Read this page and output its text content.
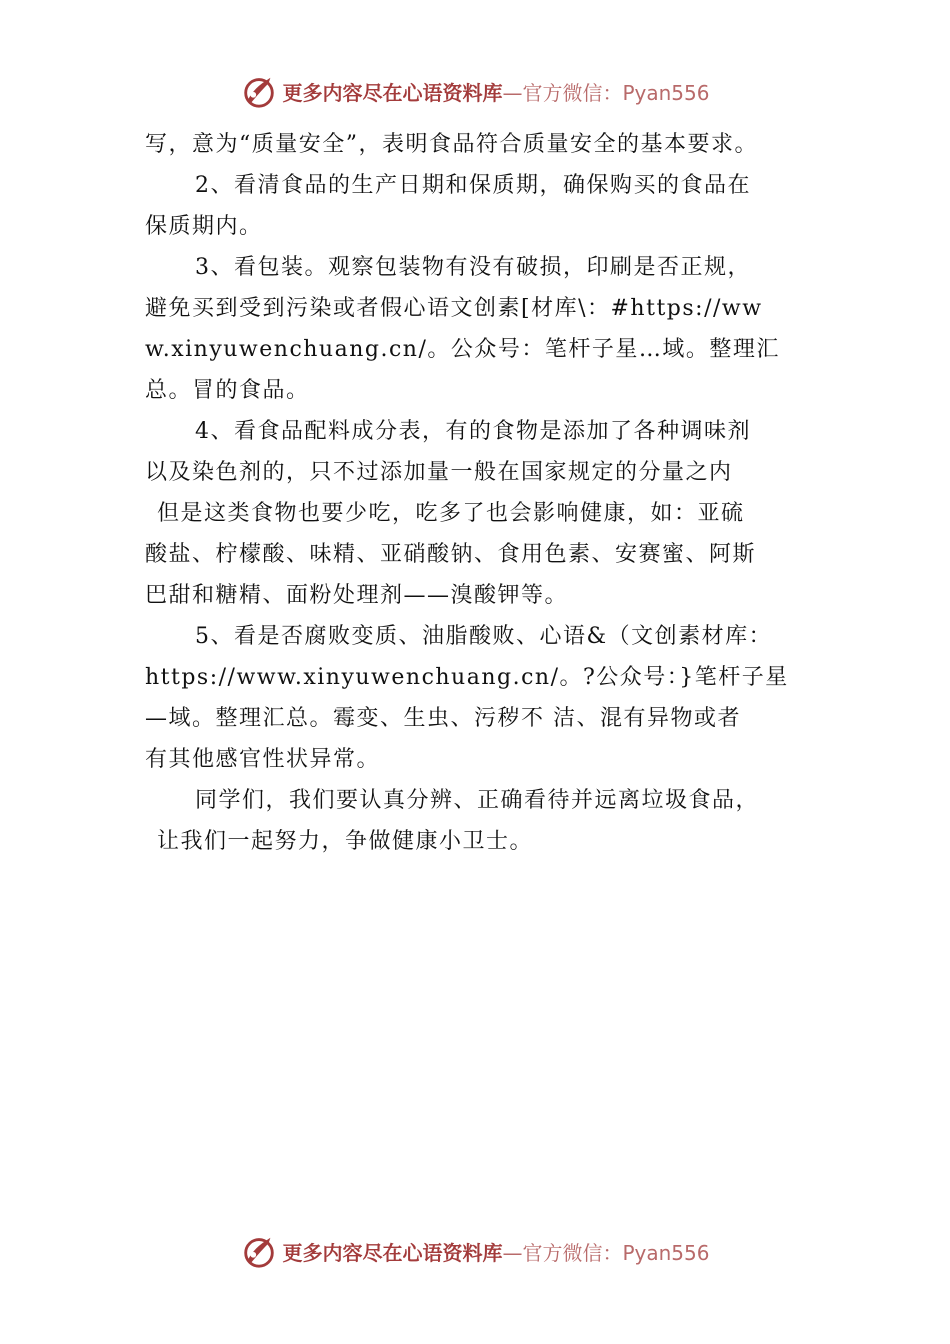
更多内容尽在心语资料库—官方微信：Pyan556
写，意为“质量安全”，表明食品符合质量安全的基本要求。
2、看清食品的生产日期和保质期，确保购买的食品在
保质期内。
3、看包装。观察包装物有没有破损，印刷是否正规，
避免买到受到污染或者假心语文创素[材库\：#https://ww
w.xinyuwenchuang.cn/。公众号：笔杆子星…域。整理汇
总。冒的食品。
4、看食品配料成分表，有的食物是添加了各种调味剂
以及染色剂的，只不过添加量一般在国家规定的分量之内
但是这类食物也要少吃，吃多了也会影响健康，如：亚硫
酸盐、柠檬酸、味精、亚硝酸钠、食用色素、安赛蜜、阿斯
巴甜和糖精、面粉处理剂——溴酸钾等。
5、看是否腐败变质、油脂酸败、心语&（文创素材库：
https://www.xinyuwenchuang.cn/。?公众号：}笔杆子星
—域。整理汇总。霉变、生虫、污秽不 洁、混有异物或者
有其他感官性状异常。
同学们，我们要认真分辨、正确看待并远离垃圾食品，
让我们一起努力，争做健康小卫士。
更多内容尽在心语资料库—官方微信：Pyan556
